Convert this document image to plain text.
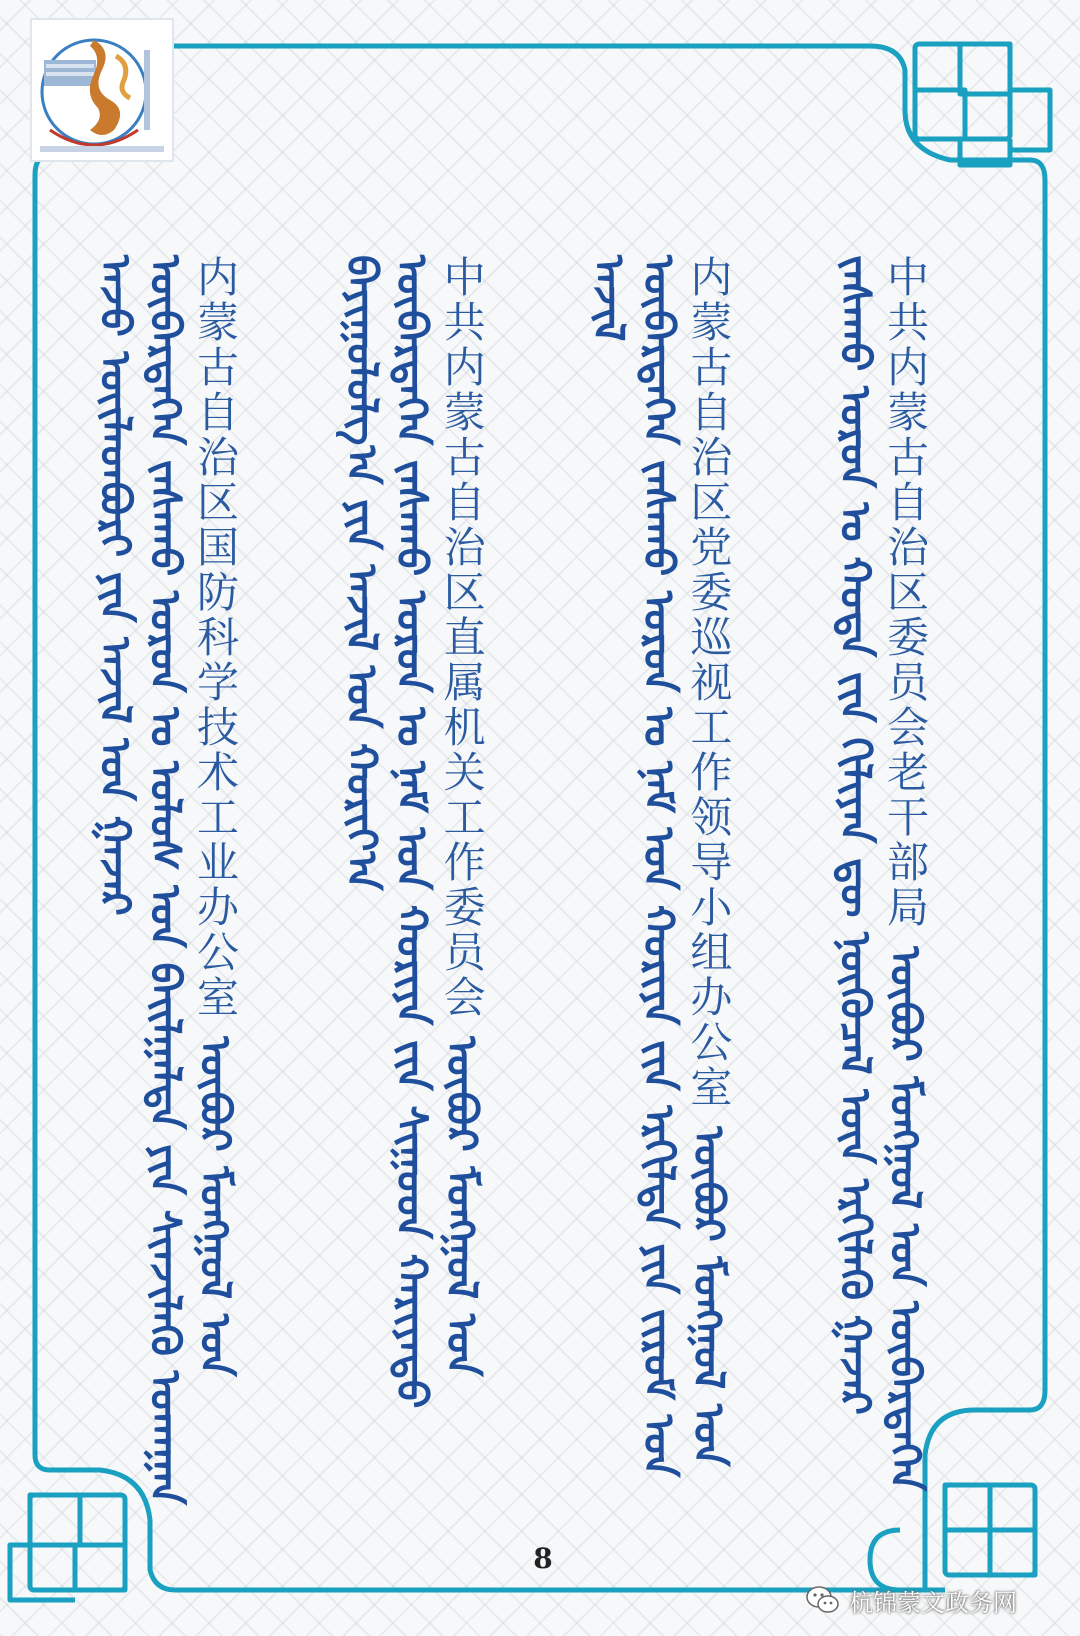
中共内蒙古自治区委员会老干部局 ᠥᠪᠦᠷ ᠮᠣᠩᠭᠣᠯ ᠤᠨ ᠥᠪᠡᠷᠲᠡᠭᠡᠨ ᠵᠠᠰᠠᠬᠤ ᠣᠷᠤᠨ ᠤ ᠬᠣᠲᠠ ᠵᠢᠨ ᠬᠢᠯᠢᠶᠡᠨ ᠳᠦ ᠨᠦᠬᠦᠴᠡᠯ ᠦᠨ ᠡᠷᠬᠢᠯᠡᠬᠦ ᠭᠠᠵᠠᠷ
内蒙古自治区党委巡视工作领导小组办公室 ᠥᠪᠦᠷ ᠮᠣᠩᠭᠣᠯ ᠤᠨ ᠥᠪᠡᠷᠲᠡᠭᠡᠨ ᠵᠠᠰᠠᠬᠤ ᠣᠷᠤᠨ ᠤ ᠨᠠᠮ ᠤᠨ ᠬᠣᠷᠢᠶᠠ ᠵᠢᠨ ᠡᠷᠭᠢᠯᠲᠡ ᠶᠢᠨ ᠵᠢᠷᠤᠮ ᠤᠨ ᠠᠵᠢᠯ
中共内蒙古自治区直属机关工作委员会 ᠥᠪᠦᠷ ᠮᠣᠩᠭᠣᠯ ᠤᠨ ᠥᠪᠡᠷᠲᠡᠭᠡᠨ ᠵᠠᠰᠠᠬᠤ ᠣᠷᠤᠨ ᠤ ᠨᠠᠮ ᠤᠨ ᠬᠣᠷᠢᠶᠠ ᠵᠢᠨ ᠰᠢᠭᠤᠳ ᠬᠠᠷᠢᠶᠠᠲᠤ ᠪᠠᠶᠢᠭᠤᠯᠤᠯᠭ᠎ᠠ ᠶᠢᠨ ᠠᠵᠢᠯ ᠤᠨ ᠬᠣᠷᠢᠶ᠎ᠠ
内蒙古自治区国防科学技术工业办公室 ᠥᠪᠦᠷ ᠮᠣᠩᠭᠣᠯ ᠤᠨ ᠥᠪᠡᠷᠲᠡᠭᠡᠨ ᠵᠠᠰᠠᠬᠤ ᠣᠷᠤᠨ ᠤ ᠤᠯᠤᠰ ᠤᠨ ᠪᠠᠢᠯᠭᠠᠯᠲᠠ ᠶᠢᠨ ᠰᠢᠨᠵᠢᠯᠡᠬᠦ ᠤᠬᠠᠭᠠᠨ ᠠᠵᠤ ᠦᠢᠯᠡᠳᠪᠦᠷᠢ ᠶᠢᠨ ᠠᠵᠢᠯ ᠤᠨ ᠭᠠᠵᠠᠷ
8
杭锦蒙文政务网
